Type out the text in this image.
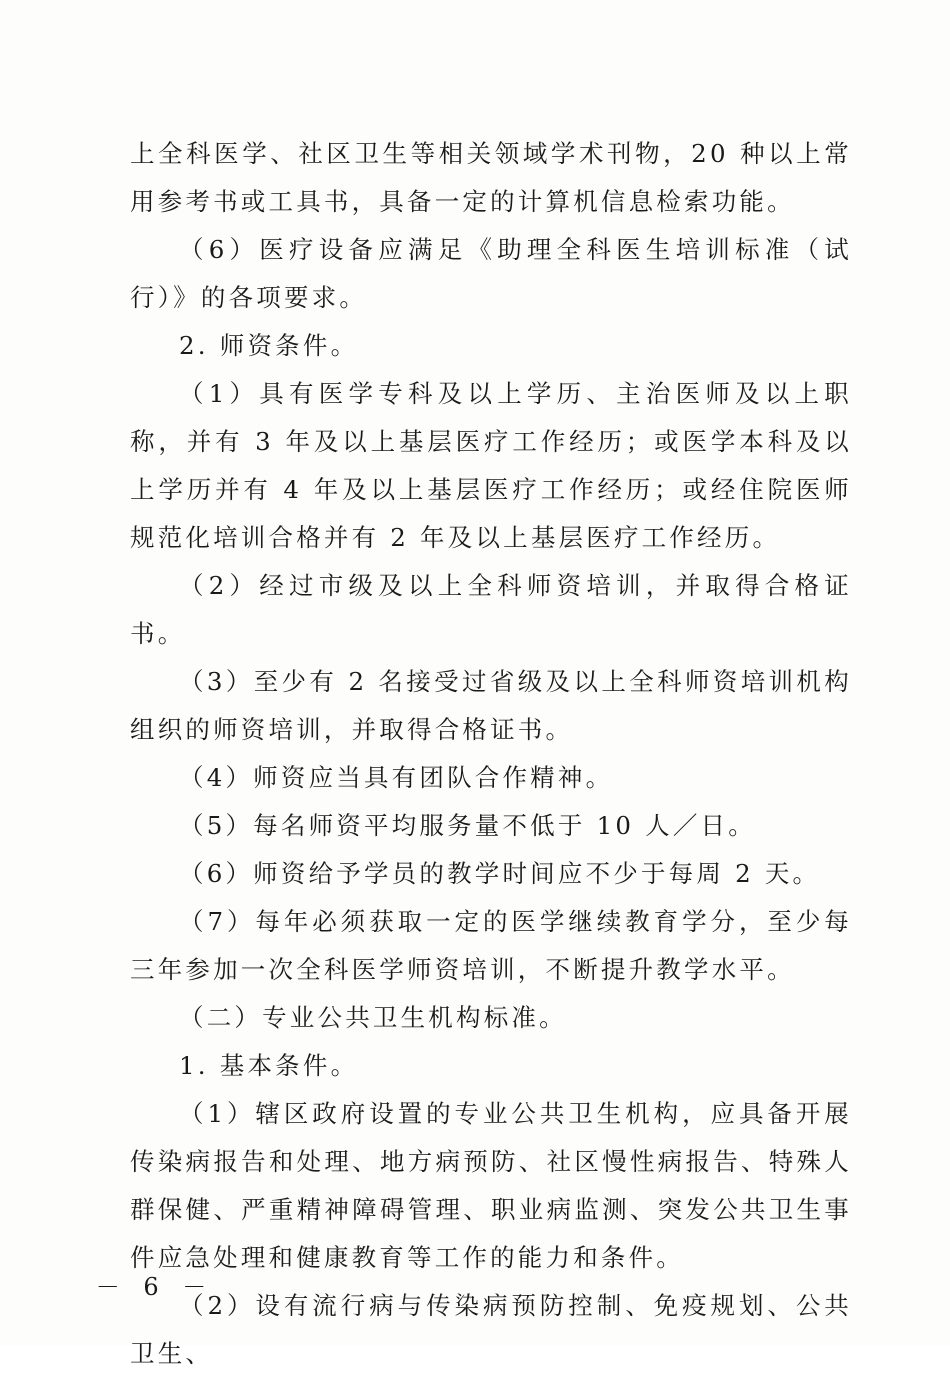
上全科医学、社区卫生等相关领域学术刊物，20 种以上常用参考书或工具书，具备一定的计算机信息检索功能。

（6）医疗设备应满足《助理全科医生培训标准（试行）》的各项要求。

2. 师资条件。

（1）具有医学专科及以上学历、主治医师及以上职称，并有 3 年及以上基层医疗工作经历；或医学本科及以上学历并有 4 年及以上基层医疗工作经历；或经住院医师规范化培训合格并有 2 年及以上基层医疗工作经历。

（2）经过市级及以上全科师资培训，并取得合格证书。

（3）至少有 2 名接受过省级及以上全科师资培训机构组织的师资培训，并取得合格证书。

（4）师资应当具有团队合作精神。

（5）每名师资平均服务量不低于 10 人／日。

（6）师资给予学员的教学时间应不少于每周 2 天。

（7）每年必须获取一定的医学继续教育学分，至少每三年参加一次全科医学师资培训，不断提升教学水平。

（二）专业公共卫生机构标准。

1. 基本条件。

（1）辖区政府设置的专业公共卫生机构，应具备开展传染病报告和处理、地方病预防、社区慢性病报告、特殊人群保健、严重精神障碍管理、职业病监测、突发公共卫生事件应急处理和健康教育等工作的能力和条件。

（2）设有流行病与传染病预防控制、免疫规划、公共卫生、

－ 6 －
